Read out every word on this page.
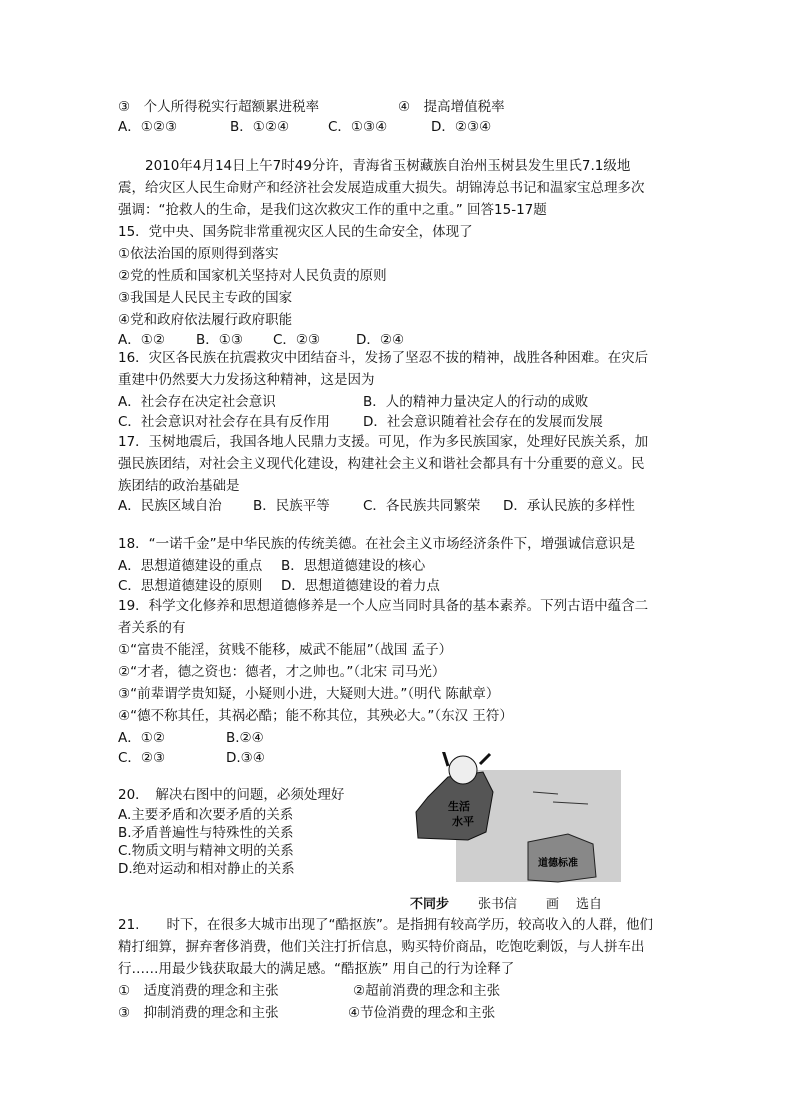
③　个人所得税实行超额累进税率	④　提高增值税率
A．①②③	B．①②④	C．①③④	D．②③④
2010年4月14日上午7时49分许，青海省玉树藏族自治州玉树县发生里氏7.1级地
震，给灾区人民生命财产和经济社会发展造成重大损失。胡锦涛总书记和温家宝总理多次
强调：“抢救人的生命，是我们这次救灾工作的重中之重。” 回答15-17题
15．党中央、国务院非常重视灾区人民的生命安全，体现了
①依法治国的原则得到落实
②党的性质和国家机关坚持对人民负责的原则
③我国是人民民主专政的国家
④党和政府依法履行政府职能
A．①② B．①③ C．②③	D．②④
16．灾区各民族在抗震救灾中团结奋斗，发扬了坚忍不拔的精神，战胜各种困难。在灾后
重建中仍然要大力发扬这种精神，这是因为
A．社会存在决定社会意识	B．人的精神力量决定人的行动的成败
C．社会意识对社会存在具有反作用 D．社会意识随着社会存在的发展而发展
17．玉树地震后，我国各地人民鼎力支援。可见，作为多民族国家，处理好民族关系，加
强民族团结，对社会主义现代化建设，构建社会主义和谐社会都具有十分重要的意义。民
族团结的政治基础是
A．民族区域自治 B．民族平等 C．各民族共同繁荣 D．承认民族的多样性
18．“一诺千金”是中华民族的传统美德。在社会主义市场经济条件下，增强诚信意识是
A．思想道德建设的重点 B．思想道德建设的核心
C．思想道德建设的原则 D．思想道德建设的着力点
19．科学文化修养和思想道德修养是一个人应当同时具备的基本素养。下列古语中蕴含二
者关系的有
①“富贵不能淫，贫贱不能移，威武不能屈”（战国 孟子）
②“才者，德之资也：德者，才之帅也。”（北宋 司马光）
③“前辈谓学贵知疑，小疑则小进，大疑则大进。”（明代 陈献章）
④“德不称其任，其祸必酷；能不称其位，其殃必大。”（东汉 王符）
A．①②	B.②④
C．②③	D.③④
20．　解决右图中的问题，必须处理好
A.主要矛盾和次要矛盾的关系
B.矛盾普遍性与特殊性的关系
C.物质文明与精神文明的关系
D.绝对运动和相对静止的关系
生活
水平
道德标准
不同步 张书信 画 选自
21.　　时下，在很多大城市出现了“酷抠族”。是指拥有较高学历，较高收入的人群，他们
精打细算，摒弃奢侈消费，他们关注打折信息，购买特价商品，吃饱吃剩饭，与人拼车出
行……用最少钱获取最大的满足感。“酷抠族” 用自己的行为诠释了
①　适度消费的理念和主张	②超前消费的理念和主张
③　抑制消费的理念和主张	④节俭消费的理念和主张
